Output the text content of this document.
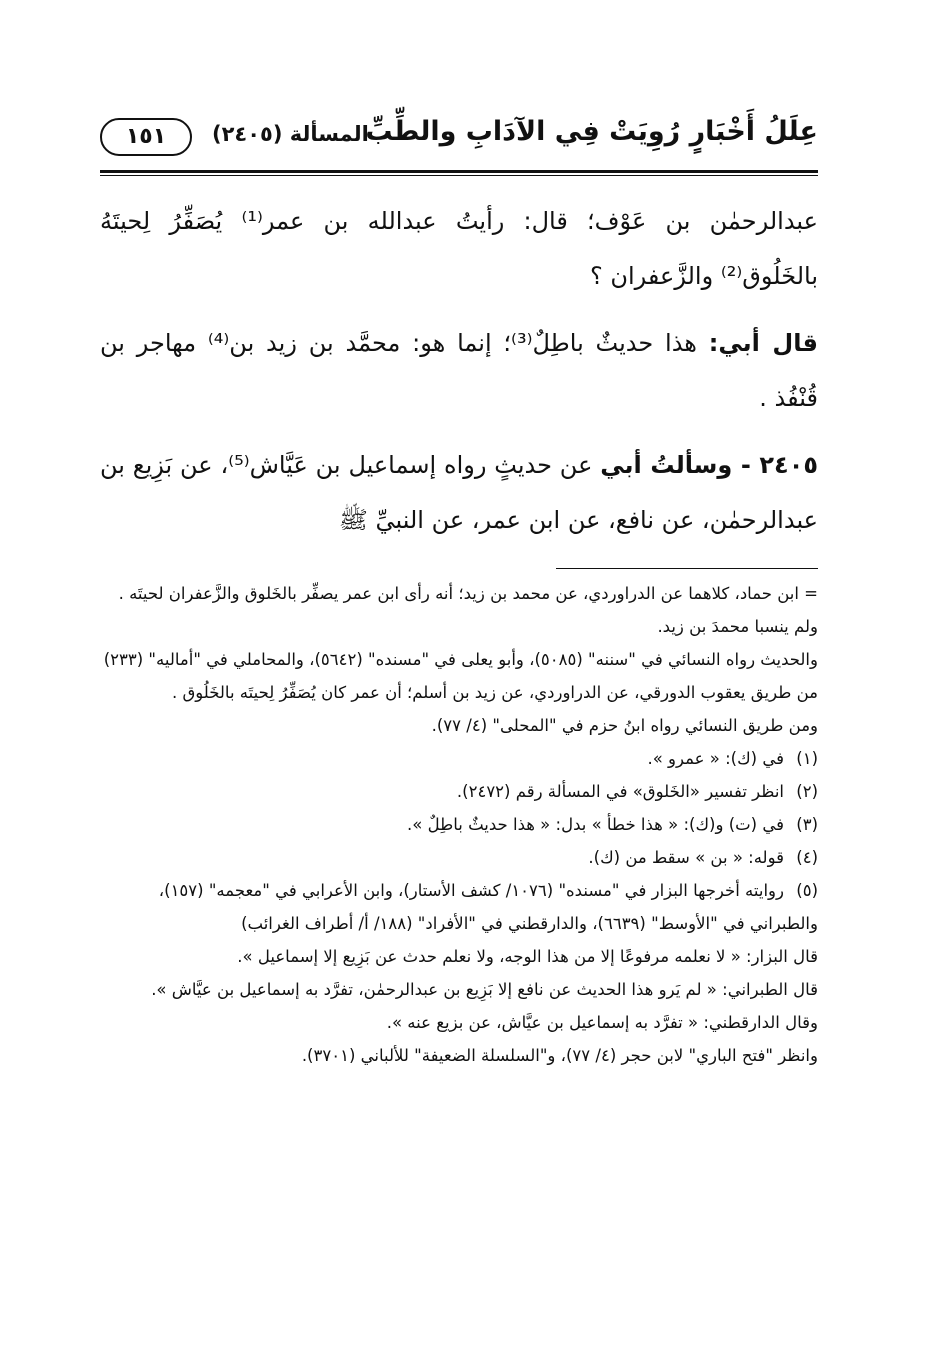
عِلَلُ أَخْبَارٍ رُوِيَتْ فِي الآدَابِ والطِّبِّ
المسألة (٢٤٠٥)
١٥١

عبدالرحمٰن بن عَوْف؛ قال: رأيتُ عبدالله بن عمر⁽¹⁾ يُصَفِّرُ لِحيتَهُ بالخَلُوق⁽²⁾ والزَّعفران ؟

قال أبي: هذا حديثٌ باطِلٌ⁽³⁾؛ إنما هو: محمَّد بن زيد بن⁽⁴⁾ مهاجر بن قُنْفُذ .

٢٤٠٥ - وسألتُ أبي عن حديثٍ رواه إسماعيل بن عَيَّاش⁽⁵⁾، عن بَزِيع بن عبدالرحمٰن، عن نافع، عن ابن عمر، عن النبيِّ ﷺ

= ابن حماد، كلاهما عن الدراوردي، عن محمد بن زيد؛ أنه رأى ابن عمر يصفِّر بالخَلوق والزَّعفران لحيتَه . ولم ينسبا محمدَ بن زيد.

والحديث رواه النسائي في "سننه" (٥٠٨٥)، وأبو يعلى في "مسنده" (٥٦٤٢)، والمحاملي في "أماليه" (٢٣٣) من طريق يعقوب الدورقي، عن الدراوردي، عن زيد بن أسلم؛ أن عمر كان يُصَفِّرُ لِحيتَه بالخَلُوق .

ومن طريق النسائي رواه ابنُ حزم في "المحلى" (٤/ ٧٧).

(١)في (ك): « عمرو ».

(٢)انظر تفسير «الخَلوق» في المسألة رقم (٢٤٧٢).

(٣)في (ت) و(ك): « هذا خطأ » بدل: « هذا حديثٌ باطِلٌ ».

(٤)قوله: « بن » سقط من (ك).

(٥)روايته أخرجها البزار في "مسنده" (١٠٧٦/ كشف الأستار)، وابن الأعرابي في "معجمه" (١٥٧)، والطبراني في "الأوسط" (٦٦٣٩)، والدارقطني في "الأفراد" (١٨٨/ أ/ أطراف الغرائب)

قال البزار: « لا نعلمه مرفوعًا إلا من هذا الوجه، ولا نعلم حدث عن بَزِيع إلا إسماعيل ».

قال الطبراني: « لم يَرو هذا الحديث عن نافع إلا بَزِيع بن عبدالرحمٰن، تفرَّد به إسماعيل بن عيَّاش ».

وقال الدارقطني: « تفرَّد به إسماعيل بن عيَّاش، عن بزيع عنه ».

وانظر "فتح الباري" لابن حجر (٤/ ٧٧)، و"السلسلة الضعيفة" للألباني (٣٧٠١).
